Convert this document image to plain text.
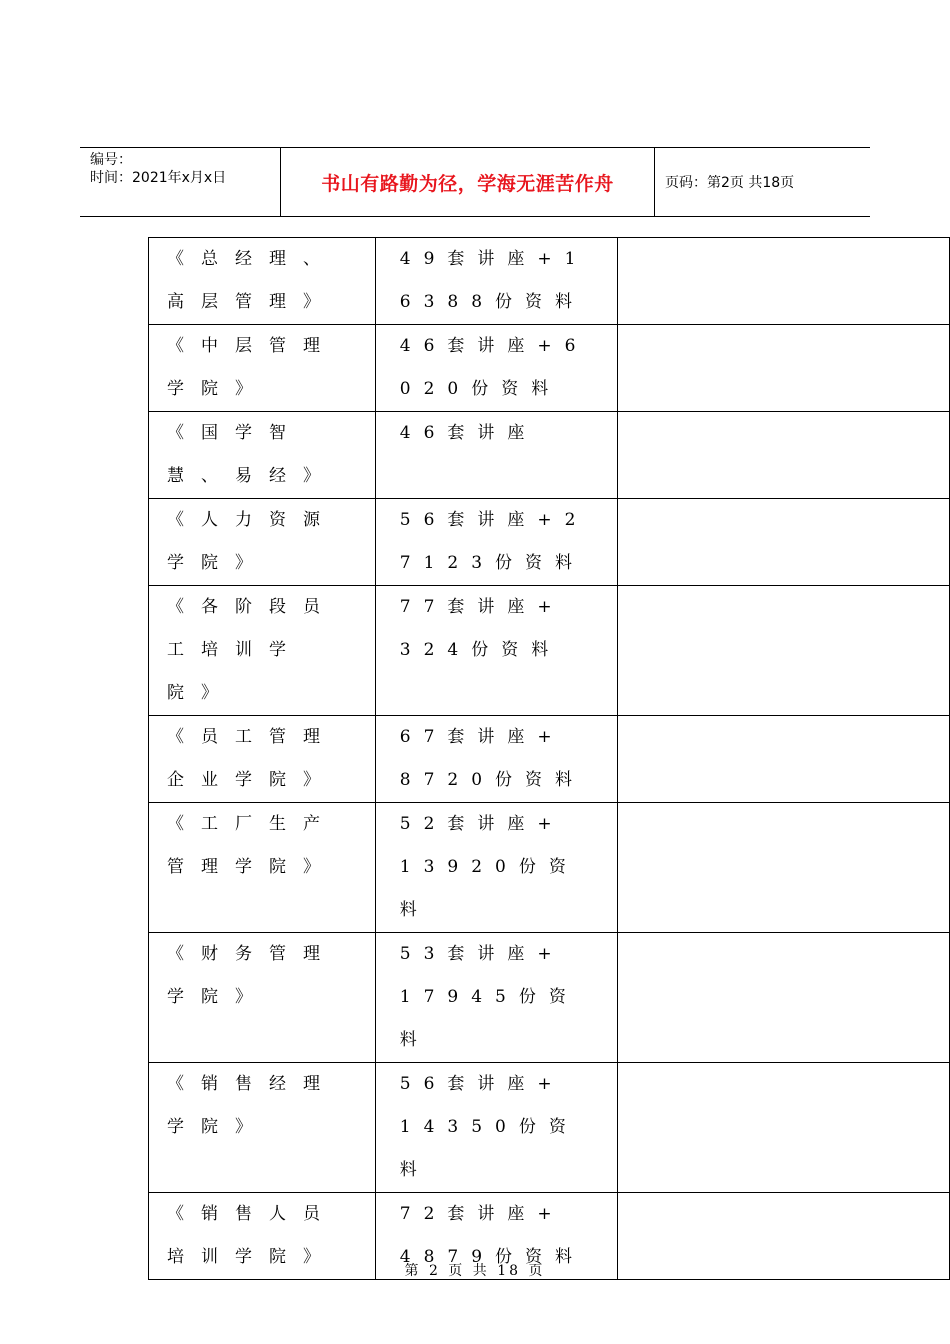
编号：
时间：2021年x月x日	书山有路勤为径，学海无涯苦作舟	页码：第2页 共18页
《总经理、高层管理》	49套讲座+16388份资料	

《中层管理学院》	46套讲座+6020份资料	

《国学智慧、易经》	46套讲座	

《人力资源学院》	56套讲座+27123份资料	

《各阶段员工培训学院》	77套讲座+ 324份资料	

《员工管理企业学院》	67套讲座+ 8720份资料	

《工厂生产管理学院》	52套讲座+ 13920份资料	

《财务管理学院》	53套讲座+ 17945份资料	

《销售经理学院》	56套讲座+ 14350份资料	

《销售人员培训学院》	72套讲座+ 4879份资料	

第 2 页 共 18 页
